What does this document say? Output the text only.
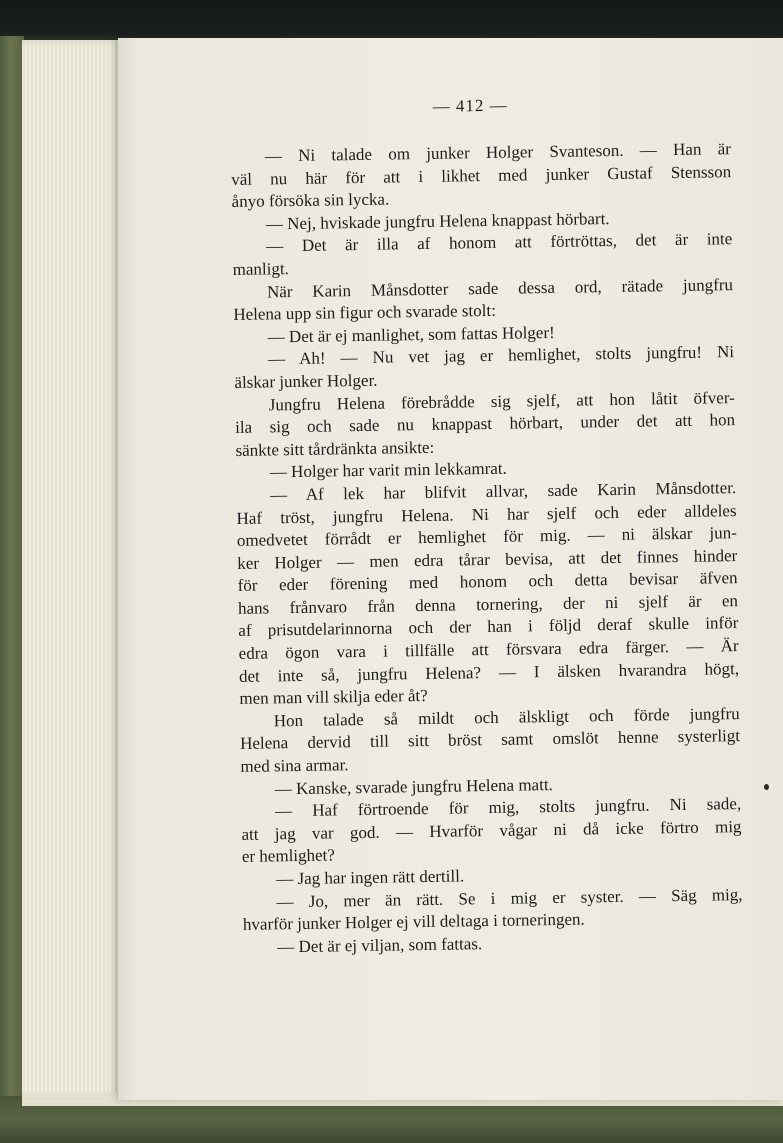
— 412 —
— Ni talade om junker Holger Svanteson. — Han är
väl nu här för att i likhet med junker Gustaf Stensson
ånyo försöka sin lycka.
— Nej, hviskade jungfru Helena knappast hörbart.
— Det är illa af honom att förtröttas, det är inte
manligt.
När Karin Månsdotter sade dessa ord, rätade jungfru
Helena upp sin figur och svarade stolt:
— Det är ej manlighet, som fattas Holger!
— Ah! — Nu vet jag er hemlighet, stolts jungfru! Ni
älskar junker Holger.
Jungfru Helena förebrådde sig sjelf, att hon låtit öfver-
ila sig och sade nu knappast hörbart, under det att hon
sänkte sitt tårdränkta ansikte:
— Holger har varit min lekkamrat.
— Af lek har blifvit allvar, sade Karin Månsdotter.
Haf tröst, jungfru Helena. Ni har sjelf och eder alldeles
omedvetet förrådt er hemlighet för mig. — ni älskar jun-
ker Holger — men edra tårar bevisa, att det finnes hinder
för eder förening med honom och detta bevisar äfven
hans frånvaro från denna tornering, der ni sjelf är en
af prisutdelarinnorna och der han i följd deraf skulle inför
edra ögon vara i tillfälle att försvara edra färger. — Är
det inte så, jungfru Helena? — I älsken hvarandra högt,
men man vill skilja eder åt?
Hon talade så mildt och älskligt och förde jungfru
Helena dervid till sitt bröst samt omslöt henne systerligt
med sina armar.
— Kanske, svarade jungfru Helena matt.
— Haf förtroende för mig, stolts jungfru. Ni sade,
att jag var god. — Hvarför vågar ni då icke förtro mig
er hemlighet?
— Jag har ingen rätt dertill.
— Jo, mer än rätt. Se i mig er syster. — Säg mig,
hvarför junker Holger ej vill deltaga i torneringen.
— Det är ej viljan, som fattas.
